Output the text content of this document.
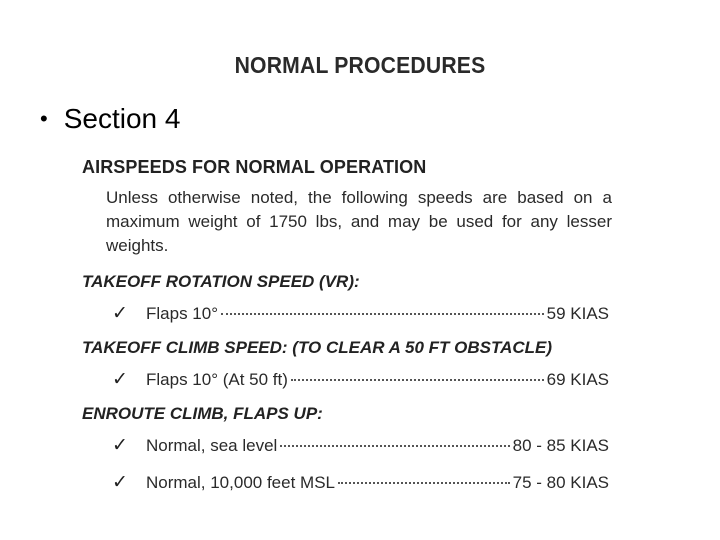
NORMAL PROCEDURES
• Section 4
AIRSPEEDS FOR NORMAL OPERATION
Unless otherwise noted, the following speeds are based on a maximum weight of 1750 lbs, and may be used for any lesser weights.
TAKEOFF ROTATION SPEED (VR):
✓	Flaps 10°	59 KIAS
TAKEOFF CLIMB SPEED: (TO CLEAR A 50 FT OBSTACLE)
✓	Flaps 10° (At 50 ft)	69 KIAS
ENROUTE CLIMB, FLAPS UP:
✓	Normal, sea level	80 - 85 KIAS
✓	Normal, 10,000 feet MSL	75 - 80 KIAS
